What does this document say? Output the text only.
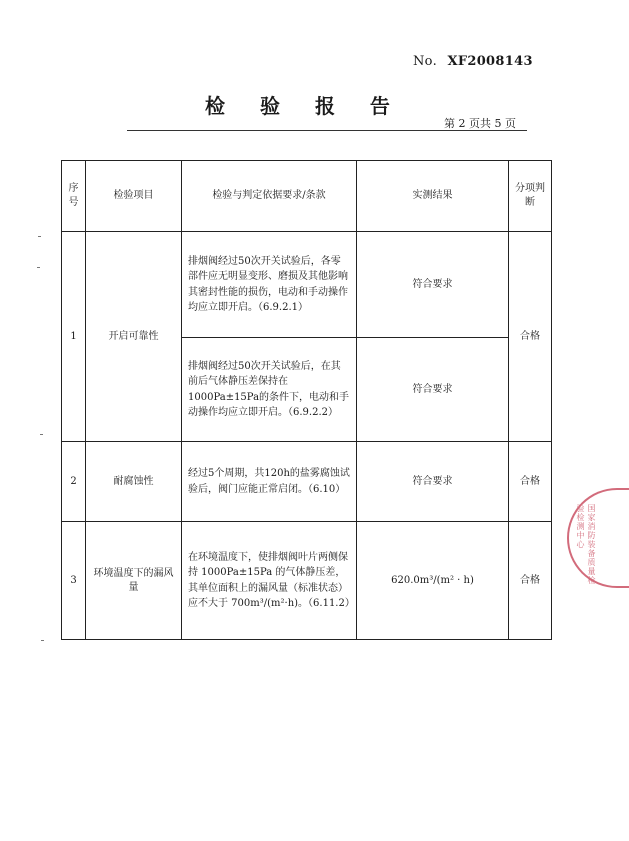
No. XF2008143
检 验 报 告
第 2 页共 5 页
序号	检验项目	检验与判定依据要求/条款	实测结果	分项判断
1	开启可靠性	排烟阀经过50次开关试验后，各零部件应无明显变形、磨损及其他影响其密封性能的损伤，电动和手动操作均应立即开启。（6.9.2.1）	符合要求	合格
		排烟阀经过50次开关试验后，在其前后气体静压差保持在1000Pa±15Pa的条件下，电动和手动操作均应立即开启。（6.9.2.2）	符合要求	
2	耐腐蚀性	经过5个周期，共120h的盐雾腐蚀试验后，阀门应能正常启闭。（6.10）	符合要求	合格
3	环境温度下的漏风量	在环境温度下，使排烟阀叶片两侧保持 1000Pa±15Pa 的气体静压差，其单位面积上的漏风量（标准状态）应不大于 700m³/(m²·h)。（6.11.2）	620.0m³/(m² · h)	合格	国家消防装备质量检验检测中心
